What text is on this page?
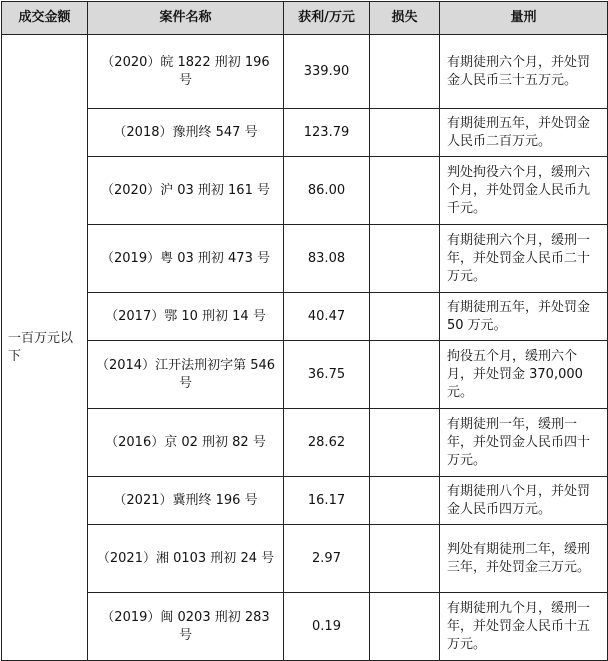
成交金额	案件名称	获利/万元	损失	量刑
一百万元以下	（2020）皖 1822 刑初 196 号	339.90		有期徒刑六个月，并处罚金人民币三十五万元。
	（2018）豫刑终 547 号	123.79		有期徒刑五年，并处罚金人民币二百万元。
	（2020）沪 03 刑初 161 号	86.00		判处拘役六个月，缓刑六个月，并处罚金人民币九千元。
	（2019）粤 03 刑初 473 号	83.08		有期徒刑六个月，缓刑一年，并处罚金人民币二十万元。
	（2017）鄂 10 刑初 14 号	40.47		有期徒刑五年，并处罚金 50 万元。
	（2014）江开法刑初字第 546 号	36.75		拘役五个月，缓刑六个月，并处罚金 370,000 元。
	（2016）京 02 刑初 82 号	28.62		有期徒刑一年，缓刑一年，并处罚金人民币四十万元。
	（2021）冀刑终 196 号	16.17		有期徒刑八个月，并处罚金人民币四万元。
	（2021）湘 0103 刑初 24 号	2.97		判处有期徒刑二年，缓刑三年，并处罚金三万元。
	（2019）闽 0203 刑初 283 号	0.19		有期徒刑九个月，缓刑一年，并处罚金人民币十五万元。
